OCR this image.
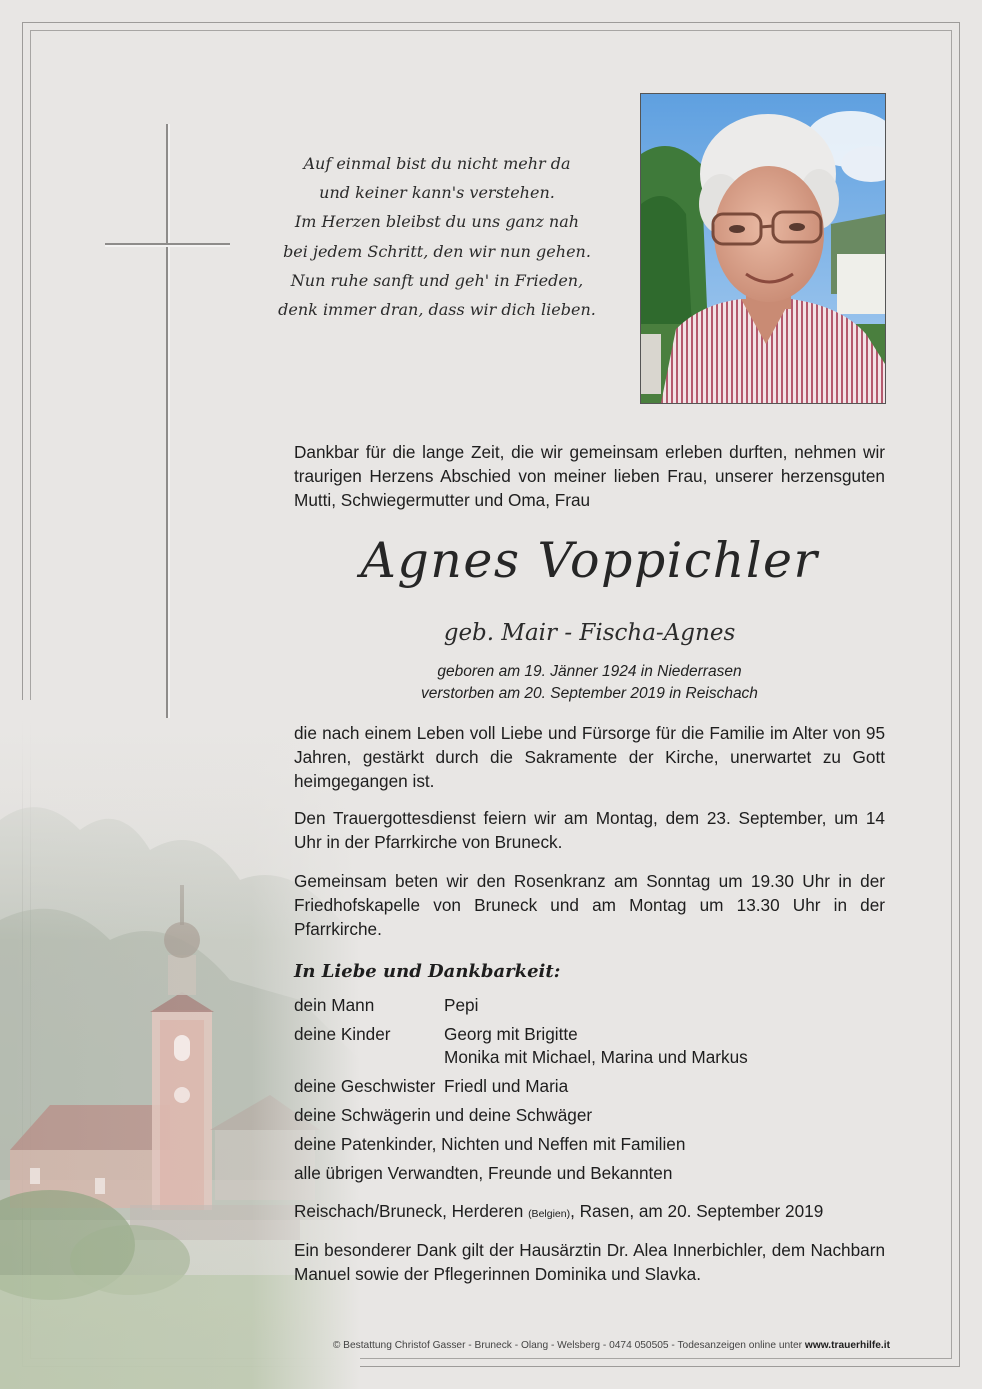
Auf einmal bist du nicht mehr da
und keiner kann's verstehen.
Im Herzen bleibst du uns ganz nah
bei jedem Schritt, den wir nun gehen.
Nun ruhe sanft und geh' in Frieden,
denk immer dran, dass wir dich lieben.
Dankbar für die lange Zeit, die wir gemeinsam erleben durften, nehmen wir traurigen Herzens Abschied von meiner lieben Frau, unserer herzensguten Mutti, Schwiegermutter und Oma, Frau
Agnes Voppichler
geb. Mair - Fischa-Agnes
geboren am 19. Jänner 1924 in Niederrasen
verstorben am 20. September 2019 in Reischach
die nach einem Leben voll Liebe und Fürsorge für die Familie im Alter von 95 Jahren, gestärkt durch die Sakramente der Kirche, unerwartet zu Gott heimgegangen ist.
Den Trauergottesdienst feiern wir am Montag, dem 23. September, um 14 Uhr in der Pfarrkirche von Bruneck.
Gemeinsam beten wir den Rosenkranz am Sonntag um 19.30 Uhr in der Friedhofskapelle von Bruneck und am Montag um 13.30 Uhr in der Pfarrkirche.
In Liebe und Dankbarkeit:
dein Mann	Pepi
deine Kinder	Georg mit Brigitte
Monika mit Michael, Marina und Markus
deine Geschwister Friedl und Maria
deine Schwägerin und deine Schwäger
deine Patenkinder, Nichten und Neffen mit Familien
alle übrigen Verwandten, Freunde und Bekannten
Reischach/Bruneck, Herderen (Belgien), Rasen, am 20. September 2019
Ein besonderer Dank gilt der Hausärztin Dr. Alea Innerbichler, dem Nachbarn Manuel sowie der Pflegerinnen Dominika und Slavka.
© Bestattung Christof Gasser - Bruneck - Olang - Welsberg - 0474 050505 - Todesanzeigen online unter www.trauerhilfe.it
